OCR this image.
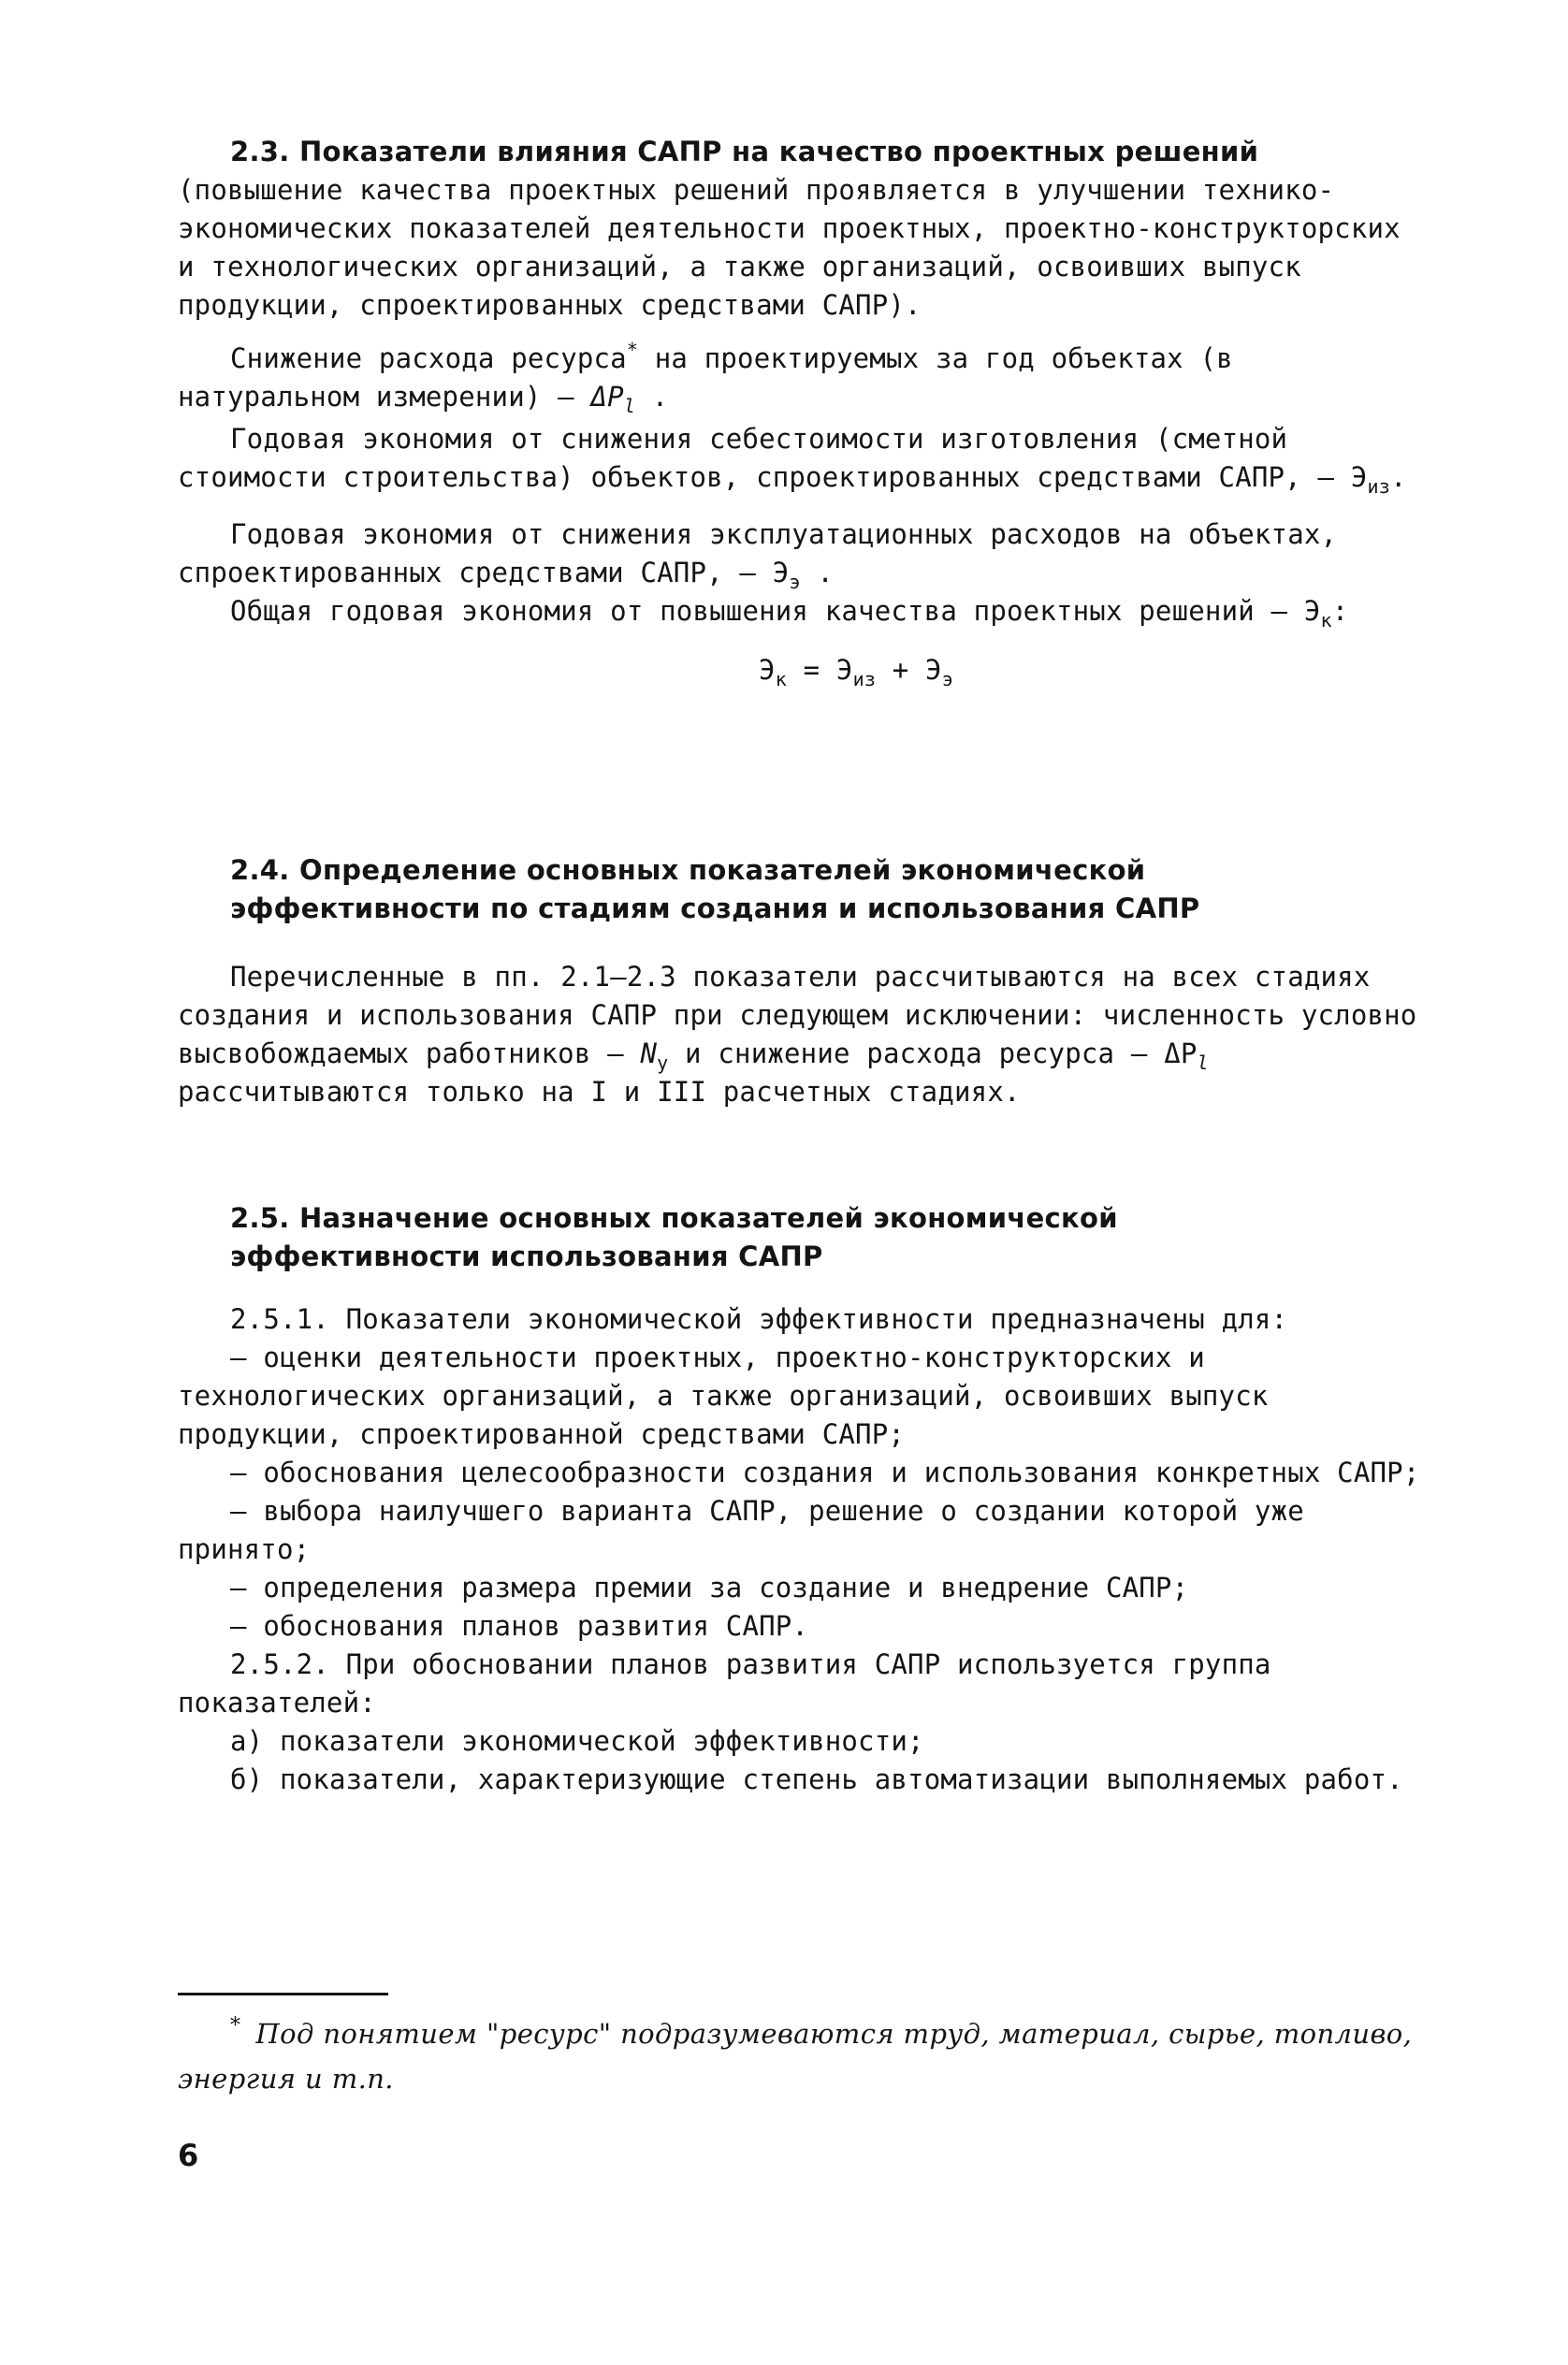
2.3. Показатели влияния САПР на качество проектных решений (повышение качества проектных решений проявляется в улучшении технико-экономических показателей деятельности проектных, проектно-конструкторских и технологических организаций, а также организаций, освоивших выпуск продукции, спроектированных средствами САПР).

Снижение расхода ресурса* на проектируемых за год объектах (в натуральном измерении) – $\Delta P_l$ .

Годовая экономия от снижения себестоимости изготовления (сметной стоимости строительства) объектов, спроектированных средствами САПР, – $Э_{из}$.

Годовая экономия от снижения эксплуатационных расходов на объектах, спроектированных средствами САПР, – $Э_э$ .

Общая годовая экономия от повышения качества проектных решений – $Э_к$:

$Э_к = Э_{из} + Э_э$
2.4. Определение основных показателей экономической
эффективности по стадиям создания и использования САПР

Перечисленные в пп. 2.1–2.3 показатели рассчитываются на всех стадиях создания и использования САПР при следующем исключении: численность условно высвобождаемых работников – $N_у$ и снижение расхода ресурса – $\Delta P_l$ рассчитываются только на I и III расчетных стадиях.

2.5. Назначение основных показателей экономической
эффективности использования САПР

2.5.1. Показатели экономической эффективности предназначены для:

– оценки деятельности проектных, проектно-конструкторских и технологических организаций, а также организаций, освоивших выпуск продукции, спроектированной средствами САПР;

– обоснования целесообразности создания и использования конкретных САПР;

– выбора наилучшего варианта САПР, решение о создании которой уже принято;

– определения размера премии за создание и внедрение САПР;

– обоснования планов развития САПР.

2.5.2. При обосновании планов развития САПР используется группа показателей:

а) показатели экономической эффективности;

б) показатели, характеризующие степень автоматизации выполняемых работ.

* Под понятием "ресурс" подразумеваются труд, материал, сырье, топливо, энергия и т.п.
6
